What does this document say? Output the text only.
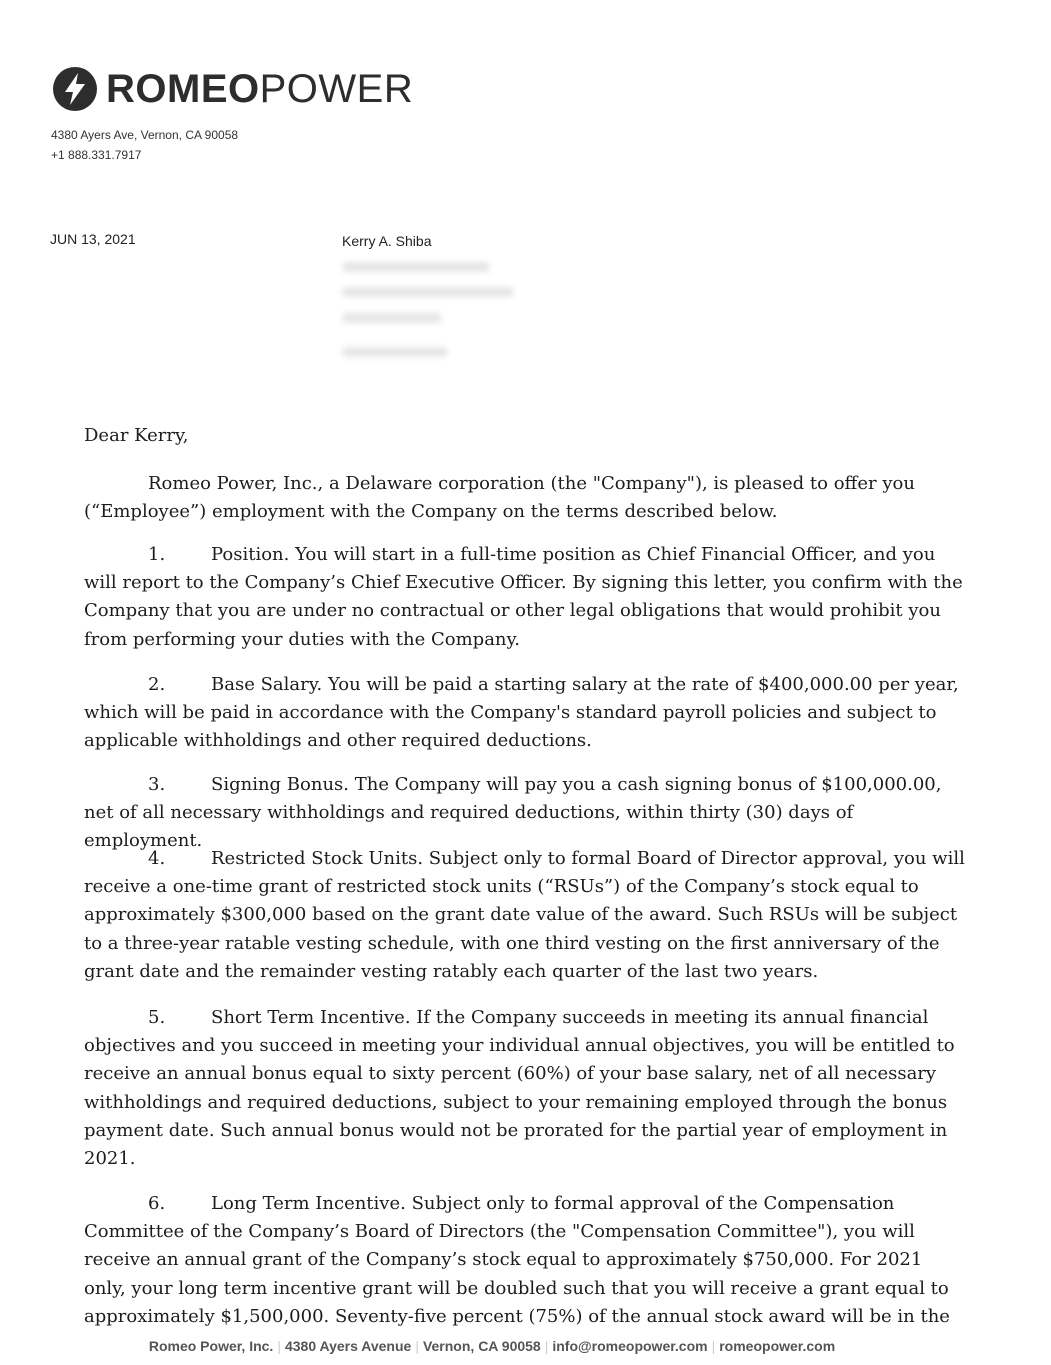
ROMEOPOWER
4380 Ayers Ave, Vernon, CA 90058
+1 888.331.7917
JUN 13, 2021	Kerry A. Shiba
Dear Kerry,
Romeo Power, Inc., a Delaware corporation (the "Company"), is pleased to offer you (“Employee”) employment with the Company on the terms described below.
1.	Position. You will start in a full-time position as Chief Financial Officer, and you will report to the Company’s Chief Executive Officer. By signing this letter, you confirm with the Company that you are under no contractual or other legal obligations that would prohibit you from performing your duties with the Company.
2.	Base Salary. You will be paid a starting salary at the rate of $400,000.00 per year, which will be paid in accordance with the Company's standard payroll policies and subject to applicable withholdings and other required deductions.
3.	Signing Bonus. The Company will pay you a cash signing bonus of $100,000.00, net of all necessary withholdings and required deductions, within thirty (30) days of employment.
4.	Restricted Stock Units. Subject only to formal Board of Director approval, you will receive a one-time grant of restricted stock units (“RSUs”) of the Company’s stock equal to approximately $300,000 based on the grant date value of the award. Such RSUs will be subject to a three-year ratable vesting schedule, with one third vesting on the first anniversary of the grant date and the remainder vesting ratably each quarter of the last two years.
5.	Short Term Incentive. If the Company succeeds in meeting its annual financial objectives and you succeed in meeting your individual annual objectives, you will be entitled to receive an annual bonus equal to sixty percent (60%) of your base salary, net of all necessary withholdings and required deductions, subject to your remaining employed through the bonus payment date. Such annual bonus would not be prorated for the partial year of employment in 2021.
6.	Long Term Incentive. Subject only to formal approval of the Compensation Committee of the Company’s Board of Directors (the "Compensation Committee"), you will receive an annual grant of the Company’s stock equal to approximately $750,000. For 2021 only, your long term incentive grant will be doubled such that you will receive a grant equal to approximately $1,500,000. Seventy-five percent (75%) of the annual stock award will be in the
Romeo Power, Inc. | 4380 Ayers Avenue | Vernon, CA 90058 | info@romeopower.com | romeopower.com
